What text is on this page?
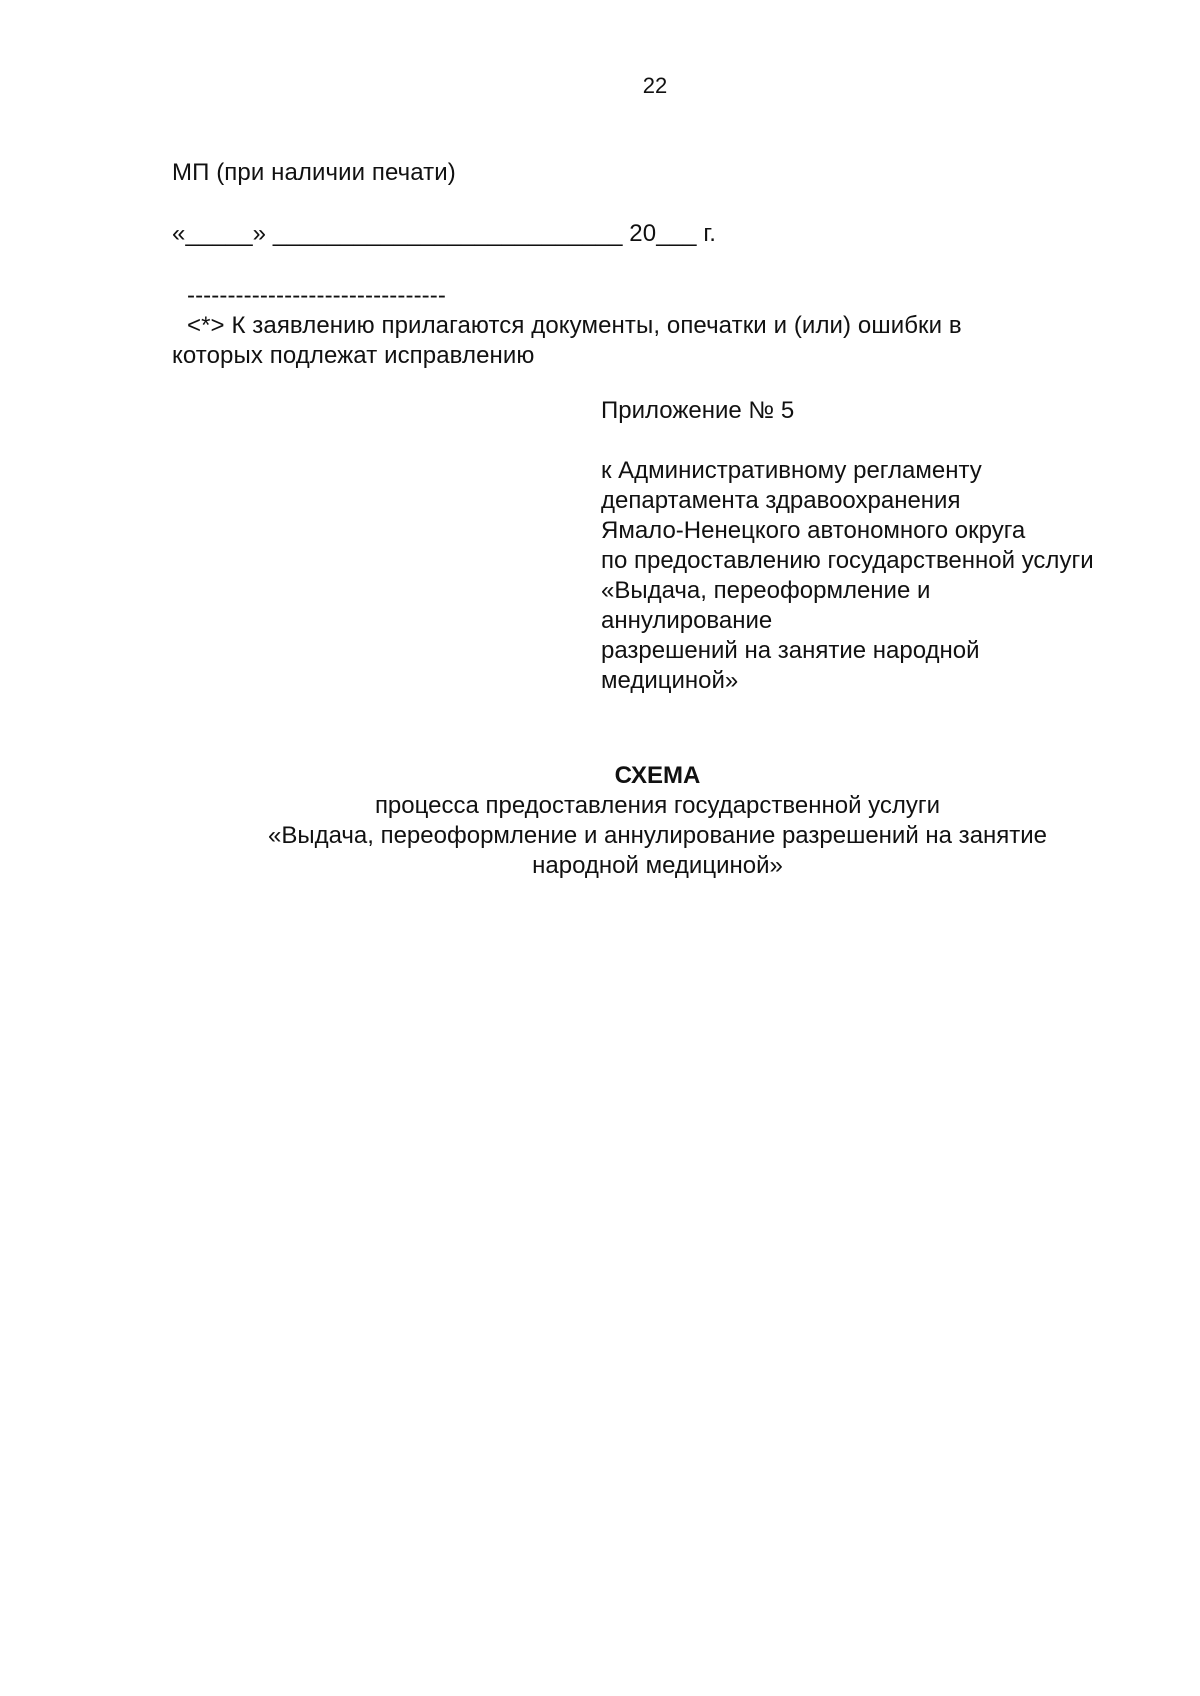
22
МП (при наличии печати)
«_____» __________________________ 20___ г.
--------------------------------
<*> К заявлению прилагаются документы, опечатки и (или) ошибки в
которых подлежат исправлению
Приложение № 5
к Административному регламенту
департамента здравоохранения
Ямало-Ненецкого автономного округа
по предоставлению государственной услуги
«Выдача, переоформление и
аннулирование
разрешений на занятие народной
медициной»
СХЕМА
процесса предоставления государственной услуги
«Выдача, переоформление и аннулирование разрешений на занятие
народной медициной»
